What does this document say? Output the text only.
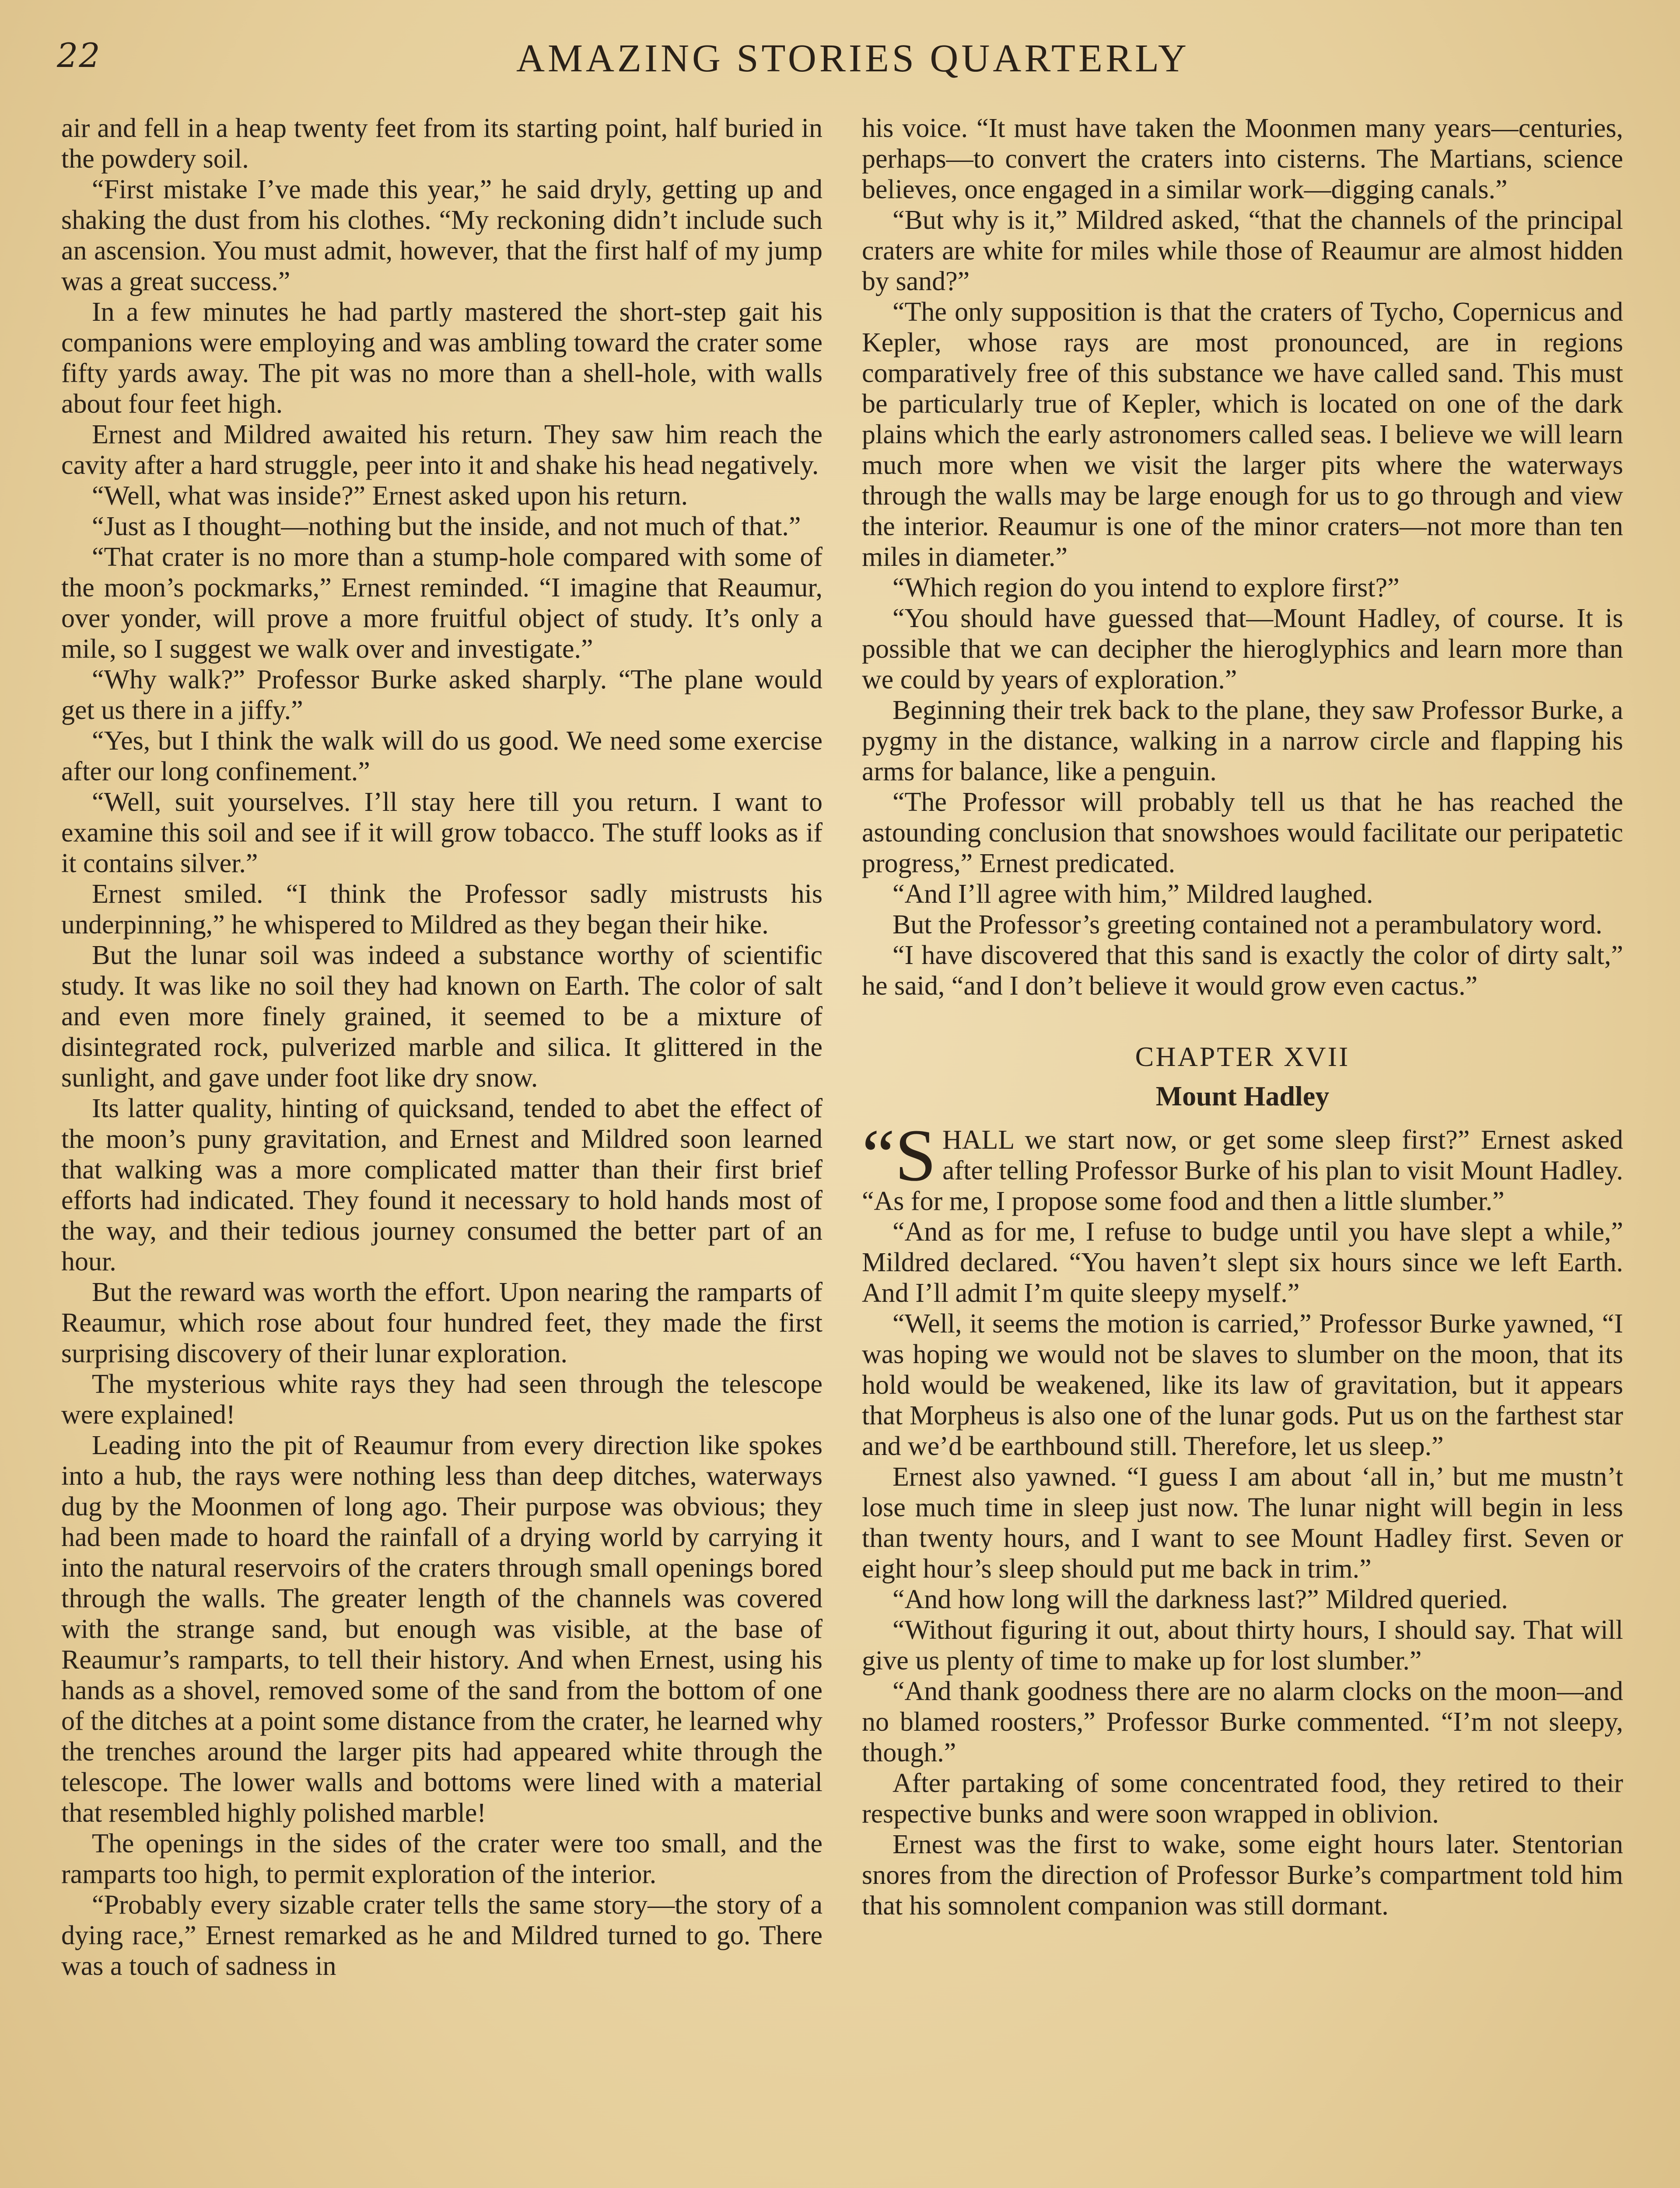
22	AMAZING STORIES QUARTERLY

air and fell in a heap twenty feet from its starting point, half buried in the powdery soil.

“First mistake I’ve made this year,” he said dryly, getting up and shaking the dust from his clothes. “My reckoning didn’t include such an ascension. You must admit, however, that the first half of my jump was a great success.”

In a few minutes he had partly mastered the short-step gait his companions were employing and was ambling toward the crater some fifty yards away. The pit was no more than a shell-hole, with walls about four feet high.

Ernest and Mildred awaited his return. They saw him reach the cavity after a hard struggle, peer into it and shake his head negatively.

“Well, what was inside?” Ernest asked upon his return.

“Just as I thought—nothing but the inside, and not much of that.”

“That crater is no more than a stump-hole compared with some of the moon’s pockmarks,” Ernest reminded. “I imagine that Reaumur, over yonder, will prove a more fruitful object of study. It’s only a mile, so I suggest we walk over and investigate.”

“Why walk?” Professor Burke asked sharply. “The plane would get us there in a jiffy.”

“Yes, but I think the walk will do us good. We need some exercise after our long confinement.”

“Well, suit yourselves. I’ll stay here till you return. I want to examine this soil and see if it will grow tobacco. The stuff looks as if it contains silver.”

Ernest smiled. “I think the Professor sadly mistrusts his underpinning,” he whispered to Mildred as they began their hike.

But the lunar soil was indeed a substance worthy of scientific study. It was like no soil they had known on Earth. The color of salt and even more finely grained, it seemed to be a mixture of disintegrated rock, pulverized marble and silica. It glittered in the sunlight, and gave under foot like dry snow.

Its latter quality, hinting of quicksand, tended to abet the effect of the moon’s puny gravitation, and Ernest and Mildred soon learned that walking was a more complicated matter than their first brief efforts had indicated. They found it necessary to hold hands most of the way, and their tedious journey consumed the better part of an hour.

But the reward was worth the effort. Upon nearing the ramparts of Reaumur, which rose about four hundred feet, they made the first surprising discovery of their lunar exploration.

The mysterious white rays they had seen through the telescope were explained!

Leading into the pit of Reaumur from every direction like spokes into a hub, the rays were nothing less than deep ditches, waterways dug by the Moonmen of long ago. Their purpose was obvious; they had been made to hoard the rainfall of a drying world by carrying it into the natural reservoirs of the craters through small openings bored through the walls. The greater length of the channels was covered with the strange sand, but enough was visible, at the base of Reaumur’s ramparts, to tell their history. And when Ernest, using his hands as a shovel, removed some of the sand from the bottom of one of the ditches at a point some distance from the crater, he learned why the trenches around the larger pits had appeared white through the telescope. The lower walls and bottoms were lined with a material that resembled highly polished marble!

The openings in the sides of the crater were too small, and the ramparts too high, to permit exploration of the interior.

“Probably every sizable crater tells the same story—the story of a dying race,” Ernest remarked as he and Mildred turned to go. There was a touch of sadness in

his voice. “It must have taken the Moonmen many years—centuries, perhaps—to convert the craters into cisterns. The Martians, science believes, once engaged in a similar work—digging canals.”

“But why is it,” Mildred asked, “that the channels of the principal craters are white for miles while those of Reaumur are almost hidden by sand?”

“The only supposition is that the craters of Tycho, Copernicus and Kepler, whose rays are most pronounced, are in regions comparatively free of this substance we have called sand. This must be particularly true of Kepler, which is located on one of the dark plains which the early astronomers called seas. I believe we will learn much more when we visit the larger pits where the waterways through the walls may be large enough for us to go through and view the interior. Reaumur is one of the minor craters—not more than ten miles in diameter.”

“Which region do you intend to explore first?”

“You should have guessed that—Mount Hadley, of course. It is possible that we can decipher the hieroglyphics and learn more than we could by years of exploration.”

Beginning their trek back to the plane, they saw Professor Burke, a pygmy in the distance, walking in a narrow circle and flapping his arms for balance, like a penguin.

“The Professor will probably tell us that he has reached the astounding conclusion that snowshoes would facilitate our peripatetic progress,” Ernest predicated.

“And I’ll agree with him,” Mildred laughed.

But the Professor’s greeting contained not a perambulatory word.

“I have discovered that this sand is exactly the color of dirty salt,” he said, “and I don’t believe it would grow even cactus.”

CHAPTER XVII
Mount Hadley

“SHALL we start now, or get some sleep first?” Ernest asked after telling Professor Burke of his plan to visit Mount Hadley. “As for me, I propose some food and then a little slumber.”

“And as for me, I refuse to budge until you have slept a while,” Mildred declared. “You haven’t slept six hours since we left Earth. And I’ll admit I’m quite sleepy myself.”

“Well, it seems the motion is carried,” Professor Burke yawned, “I was hoping we would not be slaves to slumber on the moon, that its hold would be weakened, like its law of gravitation, but it appears that Morpheus is also one of the lunar gods. Put us on the farthest star and we’d be earthbound still. Therefore, let us sleep.”

Ernest also yawned. “I guess I am about ‘all in,’ but me mustn’t lose much time in sleep just now. The lunar night will begin in less than twenty hours, and I want to see Mount Hadley first. Seven or eight hour’s sleep should put me back in trim.”

“And how long will the darkness last?” Mildred queried.

“Without figuring it out, about thirty hours, I should say. That will give us plenty of time to make up for lost slumber.”

“And thank goodness there are no alarm clocks on the moon—and no blamed roosters,” Professor Burke commented. “I’m not sleepy, though.”

After partaking of some concentrated food, they retired to their respective bunks and were soon wrapped in oblivion.

Ernest was the first to wake, some eight hours later. Stentorian snores from the direction of Professor Burke’s compartment told him that his somnolent companion was still dormant.
